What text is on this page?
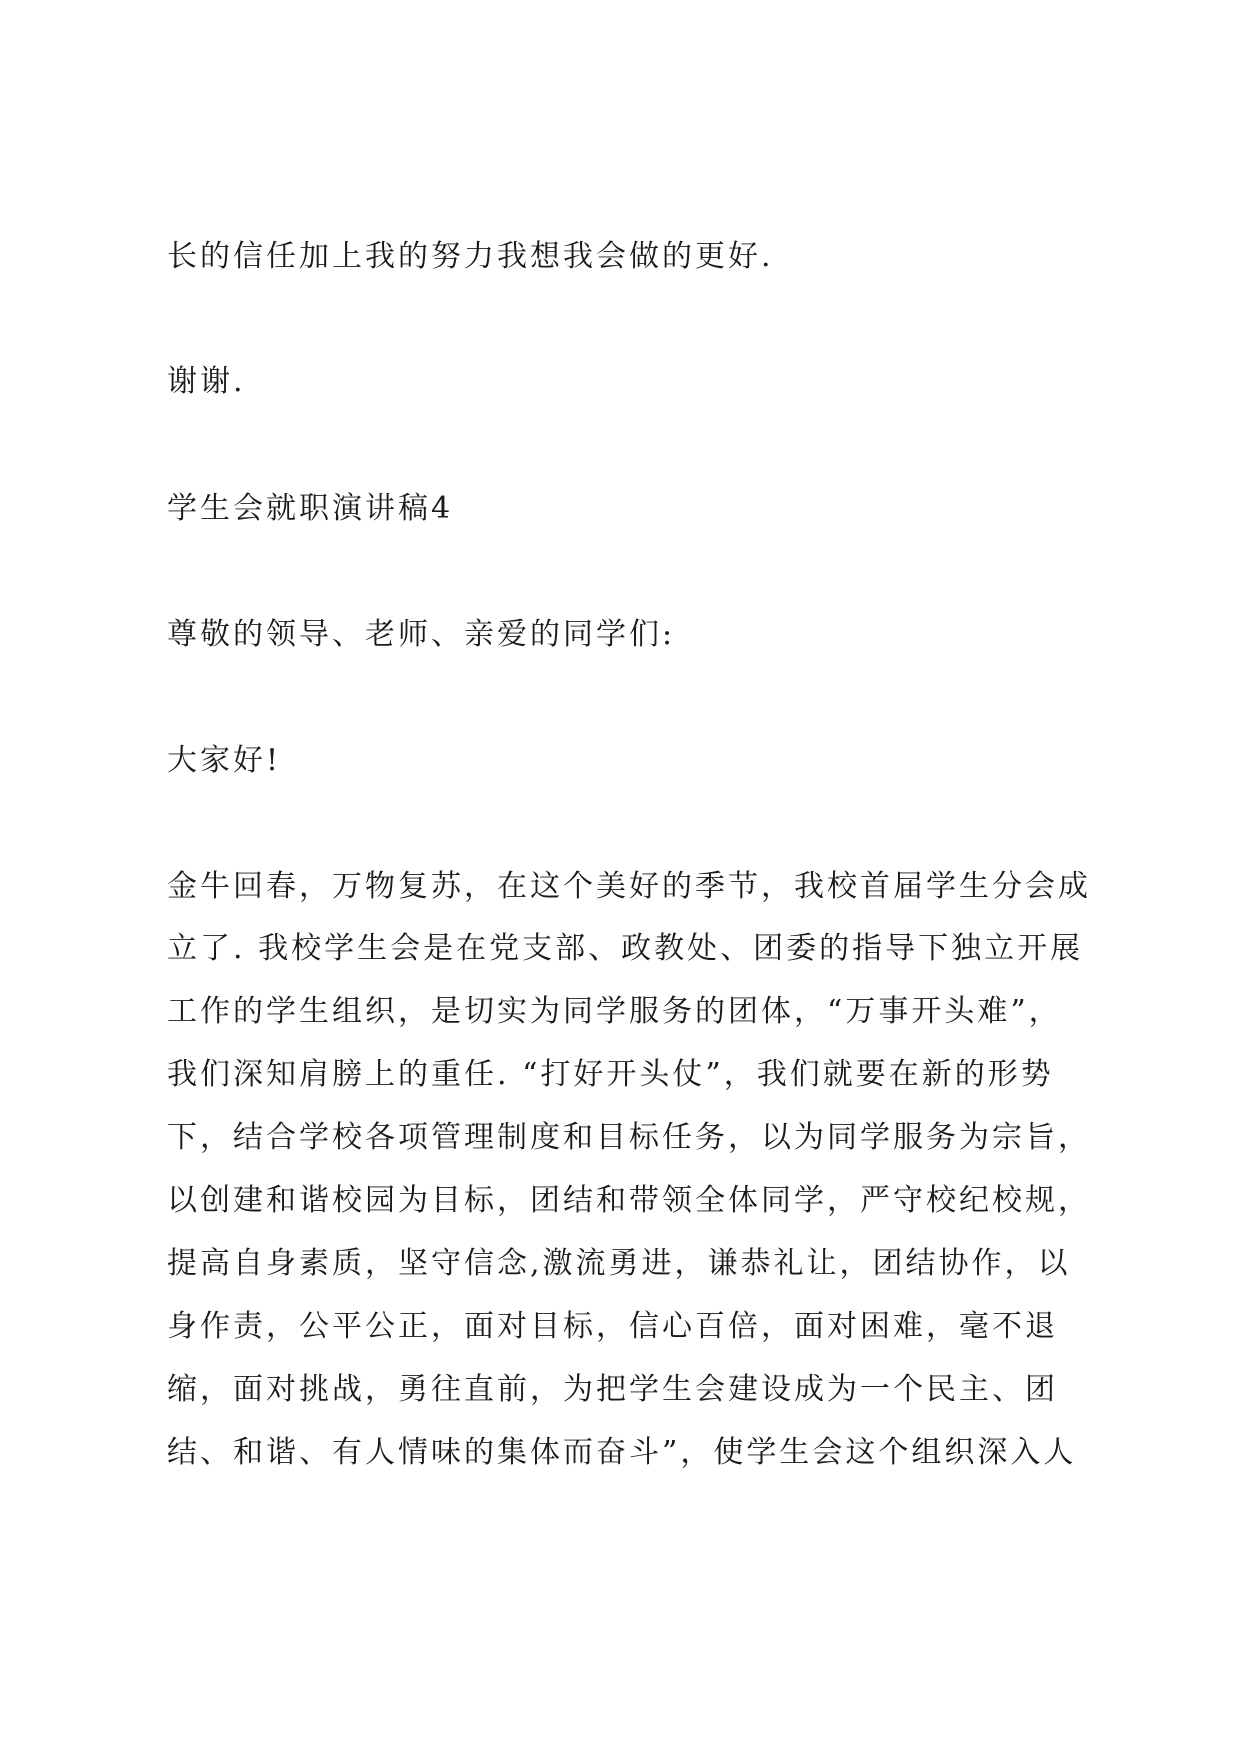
长的信任加上我的努力我想我会做的更好.
谢谢.
学生会就职演讲稿4
尊敬的领导、老师、亲爱的同学们:
大家好!
金牛回春，万物复苏，在这个美好的季节，我校首届学生分会成
立了. 我校学生会是在党支部、政教处、团委的指导下独立开展
工作的学生组织，是切实为同学服务的团体，“万事开头难”，
我们深知肩膀上的重任. “打好开头仗”，我们就要在新的形势
下，结合学校各项管理制度和目标任务，以为同学服务为宗旨，
以创建和谐校园为目标，团结和带领全体同学，严守校纪校规，
提高自身素质，坚守信念,激流勇进，谦恭礼让，团结协作，以
身作责，公平公正，面对目标，信心百倍，面对困难，毫不退
缩，面对挑战，勇往直前，为把学生会建设成为一个民主、团
结、和谐、有人情味的集体而奋斗”，使学生会这个组织深入人
